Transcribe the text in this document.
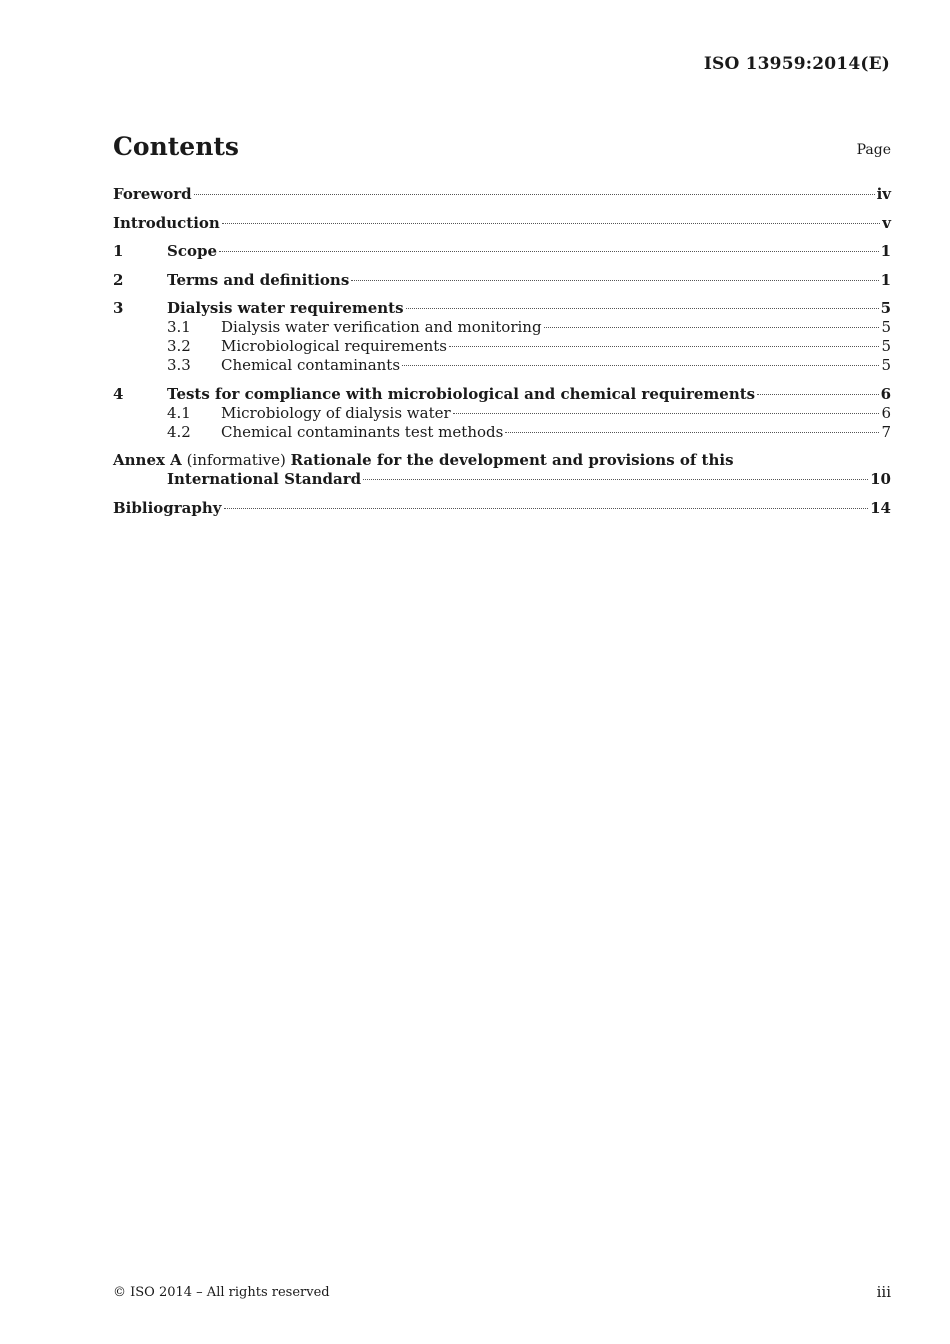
ISO 13959:2014(E)
Contents	Page
Foreword	iv
Introduction	v
1	Scope	1
2	Terms and definitions	1
3	Dialysis water requirements	5
3.1	Dialysis water verification and monitoring	5
3.2	Microbiological requirements	5
3.3	Chemical contaminants	5
4	Tests for compliance with microbiological and chemical requirements	6
4.1	Microbiology of dialysis water	6
4.2	Chemical contaminants test methods	7
Annex A (informative) Rationale for the development and provisions of this
International Standard	10
Bibliography	14
© ISO 2014 – All rights reserved	iii
